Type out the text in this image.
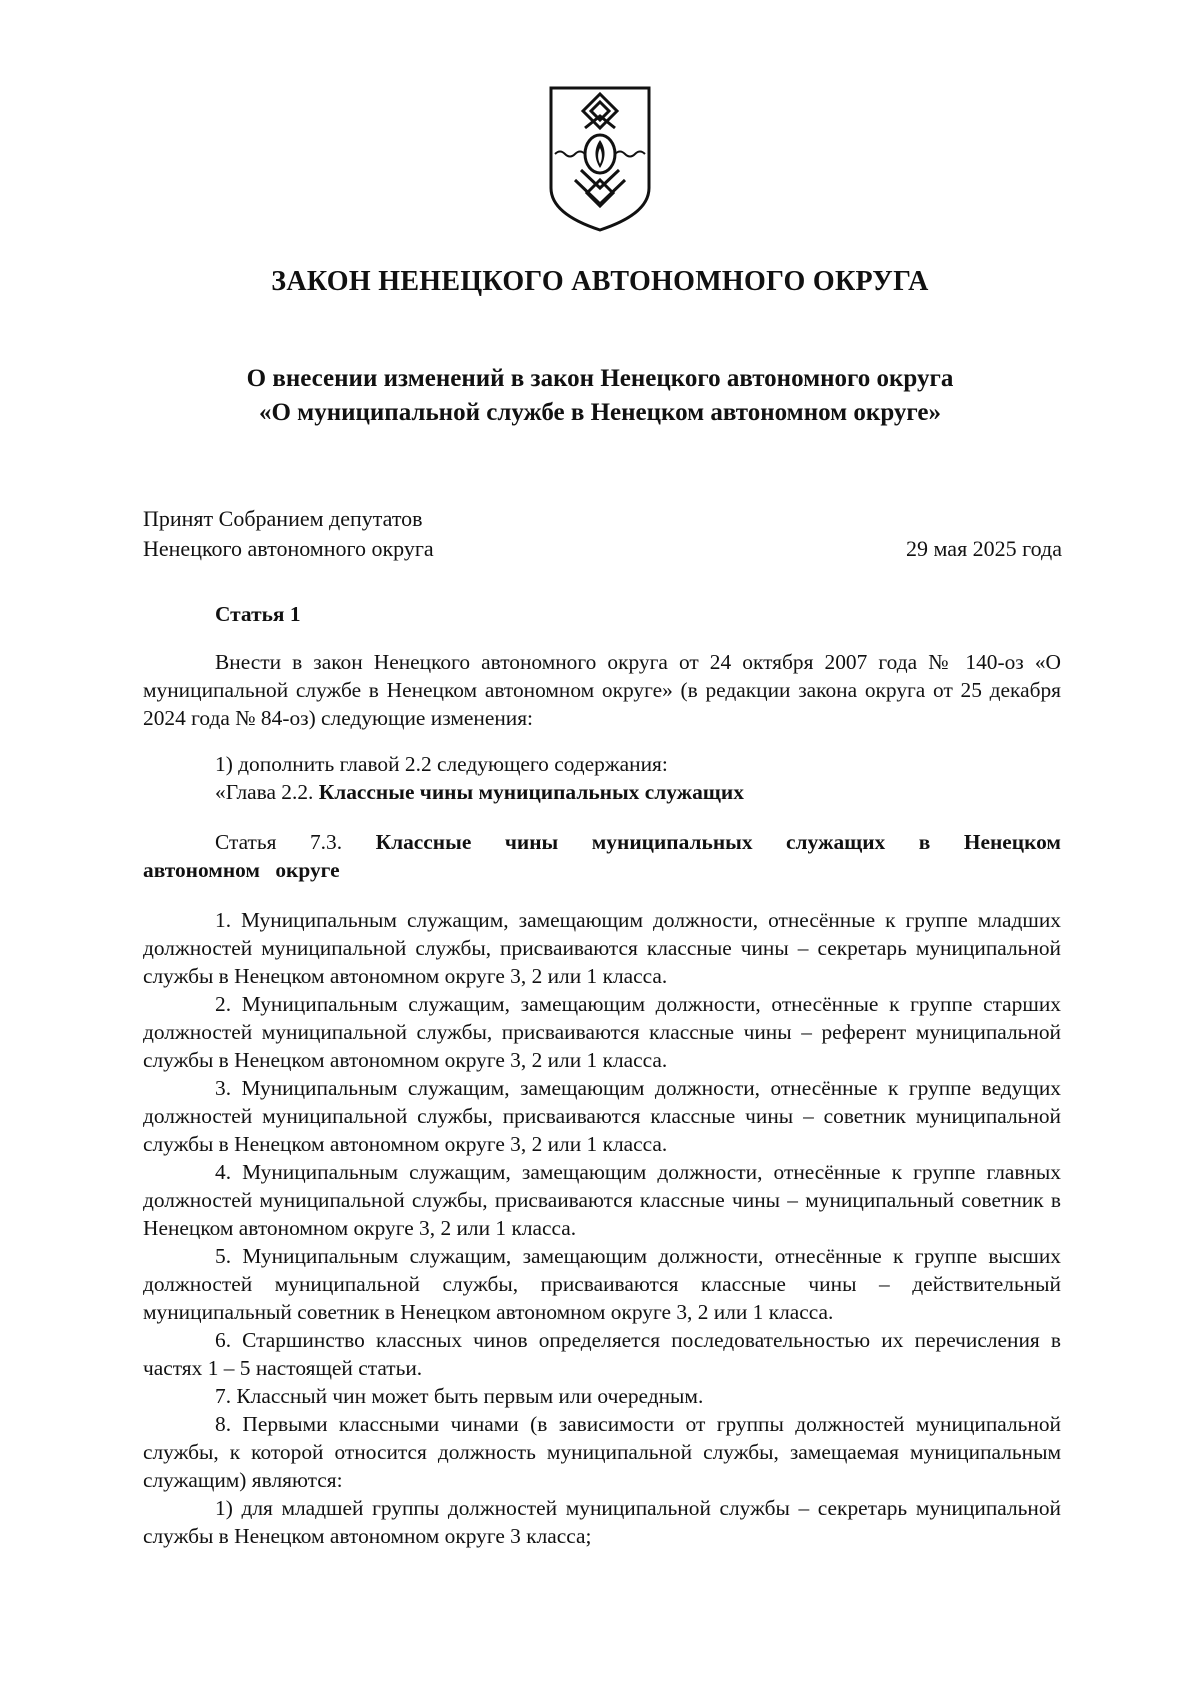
ЗАКОН НЕНЕЦКОГО АВТОНОМНОГО ОКРУГА
О внесении изменений в закон Ненецкого автономного округа
«О муниципальной службе в Ненецком автономном округе»
Принят Собранием депутатов
Ненецкого автономного округа	29 мая 2025 года

Статья 1

Внести в закон Ненецкого автономного округа от 24 октября 2007 года № 140-оз «О муниципальной службе в Ненецком автономном округе» (в редакции закона округа от 25 декабря 2024 года № 84-оз) следующие изменения:

1) дополнить главой 2.2 следующего содержания:

«Глава 2.2. Классные чины муниципальных служащих

Статья 7.3. Классные чины муниципальных служащих в Ненецком автономном округе

1. Муниципальным служащим, замещающим должности, отнесённые к группе младших должностей муниципальной службы, присваиваются классные чины – секретарь муниципальной службы в Ненецком автономном округе 3, 2 или 1 класса.

2. Муниципальным служащим, замещающим должности, отнесённые к группе старших должностей муниципальной службы, присваиваются классные чины – референт муниципальной службы в Ненецком автономном округе 3, 2 или 1 класса.

3. Муниципальным служащим, замещающим должности, отнесённые к группе ведущих должностей муниципальной службы, присваиваются классные чины – советник муниципальной службы в Ненецком автономном округе 3, 2 или 1 класса.

4. Муниципальным служащим, замещающим должности, отнесённые к группе главных должностей муниципальной службы, присваиваются классные чины – муниципальный советник в Ненецком автономном округе 3, 2 или 1 класса.

5. Муниципальным служащим, замещающим должности, отнесённые к группе высших должностей муниципальной службы, присваиваются классные чины – действительный муниципальный советник в Ненецком автономном округе 3, 2 или 1 класса.

6. Старшинство классных чинов определяется последовательностью их перечисления в частях 1 – 5 настоящей статьи.

7. Классный чин может быть первым или очередным.

8. Первыми классными чинами (в зависимости от группы должностей муниципальной службы, к которой относится должность муниципальной службы, замещаемая муниципальным служащим) являются:

1) для младшей группы должностей муниципальной службы – секретарь муниципальной службы в Ненецком автономном округе 3 класса;
